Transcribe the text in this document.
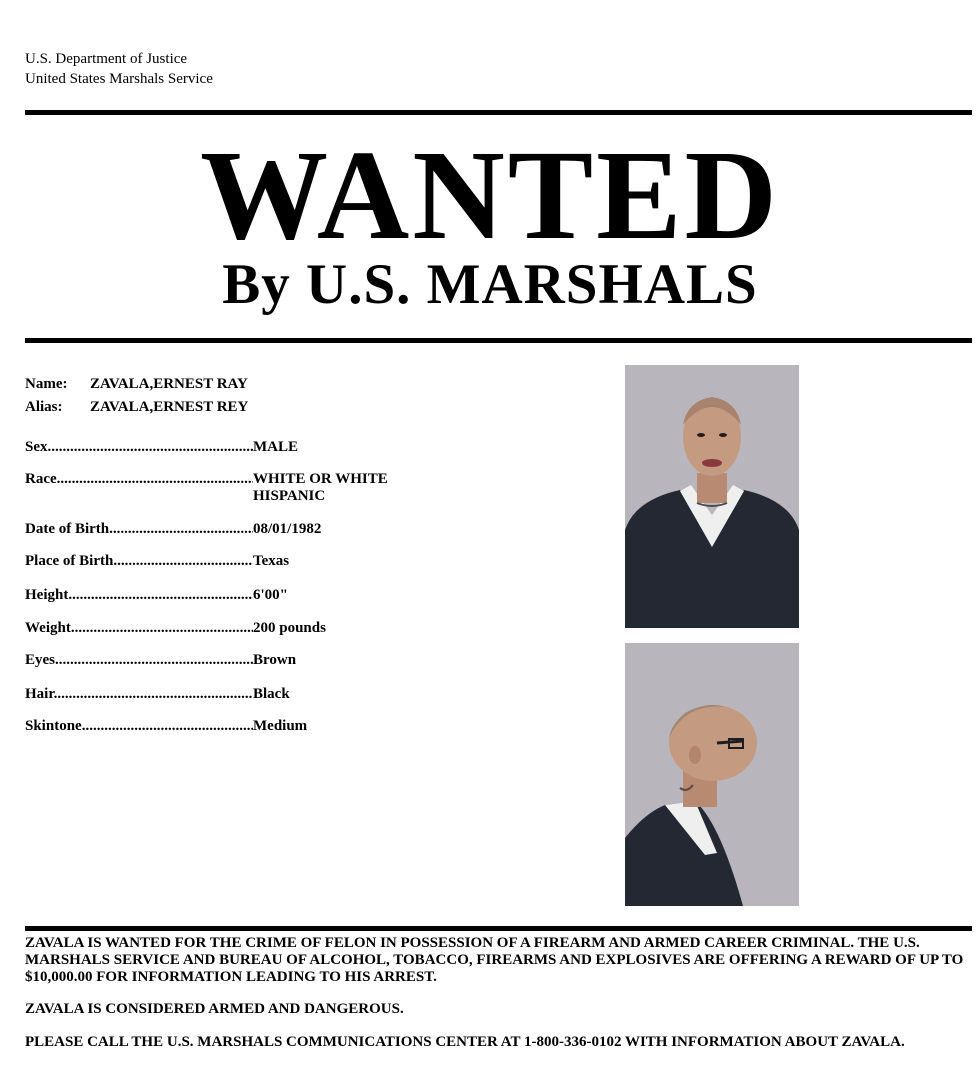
U.S. Department of Justice
United States Marshals Service
WANTED
By U.S. MARSHALS
Name: ZAVALA,ERNEST RAY
Alias: ZAVALA,ERNEST REY
Sex .....	MALE
Race .....	WHITE OR WHITE HISPANIC
Date of Birth .....	08/01/1982
Place of Birth .....	Texas
Height .....	6'00"
Weight .....	200 pounds
Eyes .....	Brown
Hair .....	Black
Skintone .....	Medium
ZAVALA IS WANTED FOR THE CRIME OF FELON IN POSSESSION OF A FIREARM AND ARMED CAREER CRIMINAL. THE U.S. MARSHALS SERVICE AND BUREAU OF ALCOHOL, TOBACCO, FIREARMS AND EXPLOSIVES ARE OFFERING A REWARD OF UP TO $10,000.00 FOR INFORMATION LEADING TO HIS ARREST.
ZAVALA IS CONSIDERED ARMED AND DANGEROUS.
PLEASE CALL THE U.S. MARSHALS COMMUNICATIONS CENTER AT 1-800-336-0102 WITH INFORMATION ABOUT ZAVALA.
